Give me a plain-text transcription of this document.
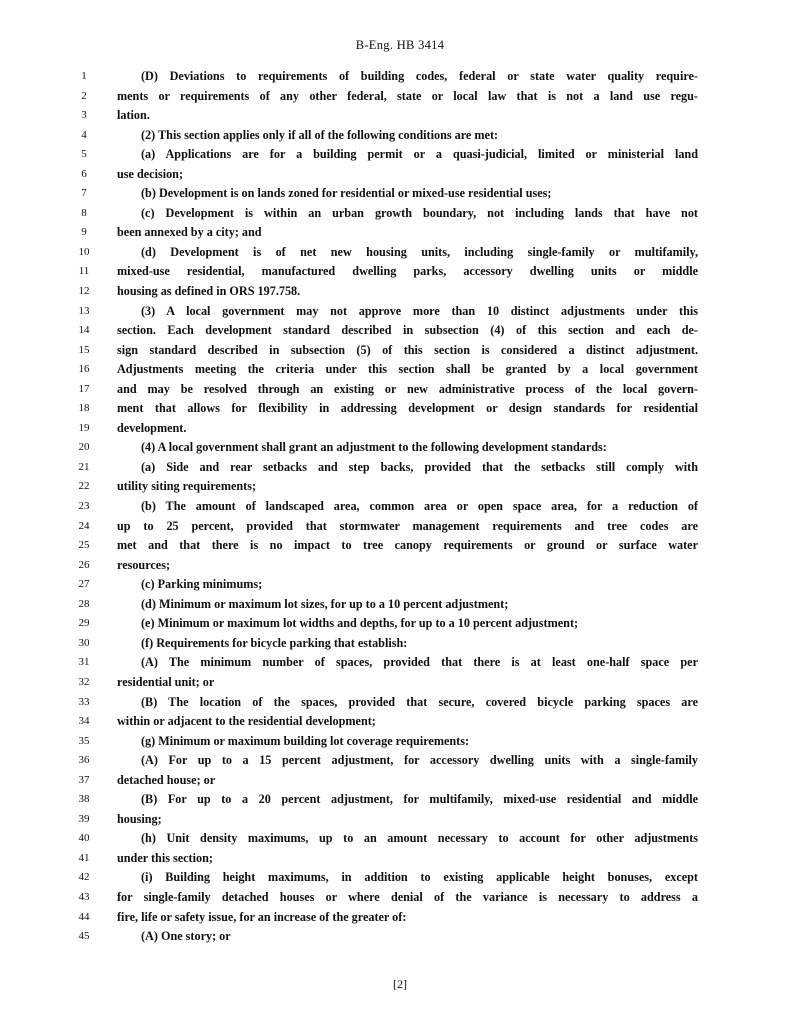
B-Eng. HB 3414
1	(D) Deviations to requirements of building codes, federal or state water quality require-
2	ments or requirements of any other federal, state or local law that is not a land use regu-
3	lation.
4	(2) This section applies only if all of the following conditions are met:
5	(a) Applications are for a building permit or a quasi-judicial, limited or ministerial land
6	use decision;
7	(b) Development is on lands zoned for residential or mixed-use residential uses;
8	(c) Development is within an urban growth boundary, not including lands that have not
9	been annexed by a city; and
10	(d) Development is of net new housing units, including single-family or multifamily,
11	mixed-use residential, manufactured dwelling parks, accessory dwelling units or middle
12	housing as defined in ORS 197.758.
13	(3) A local government may not approve more than 10 distinct adjustments under this
14	section. Each development standard described in subsection (4) of this section and each de-
15	sign standard described in subsection (5) of this section is considered a distinct adjustment.
16	Adjustments meeting the criteria under this section shall be granted by a local government
17	and may be resolved through an existing or new administrative process of the local govern-
18	ment that allows for flexibility in addressing development or design standards for residential
19	development.
20	(4) A local government shall grant an adjustment to the following development standards:
21	(a) Side and rear setbacks and step backs, provided that the setbacks still comply with
22	utility siting requirements;
23	(b) The amount of landscaped area, common area or open space area, for a reduction of
24	up to 25 percent, provided that stormwater management requirements and tree codes are
25	met and that there is no impact to tree canopy requirements or ground or surface water
26	resources;
27	(c) Parking minimums;
28	(d) Minimum or maximum lot sizes, for up to a 10 percent adjustment;
29	(e) Minimum or maximum lot widths and depths, for up to a 10 percent adjustment;
30	(f) Requirements for bicycle parking that establish:
31	(A) The minimum number of spaces, provided that there is at least one-half space per
32	residential unit; or
33	(B) The location of the spaces, provided that secure, covered bicycle parking spaces are
34	within or adjacent to the residential development;
35	(g) Minimum or maximum building lot coverage requirements:
36	(A) For up to a 15 percent adjustment, for accessory dwelling units with a single-family
37	detached house; or
38	(B) For up to a 20 percent adjustment, for multifamily, mixed-use residential and middle
39	housing;
40	(h) Unit density maximums, up to an amount necessary to account for other adjustments
41	under this section;
42	(i) Building height maximums, in addition to existing applicable height bonuses, except
43	for single-family detached houses or where denial of the variance is necessary to address a
44	fire, life or safety issue, for an increase of the greater of:
45	(A) One story; or
[2]
